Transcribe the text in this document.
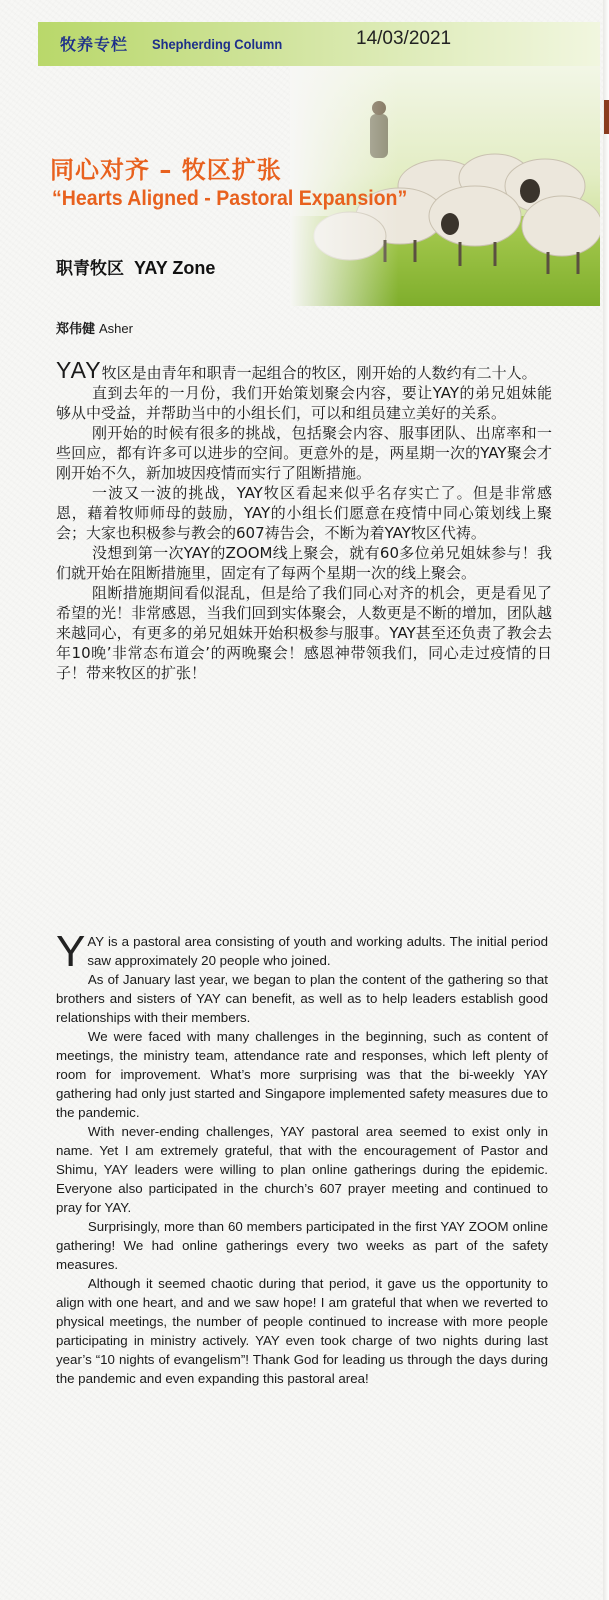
牧养专栏 Shepherding Column	14/03/2021
同心对齐 – 牧区扩张
“Hearts Aligned - Pastoral Expansion”
职青牧区 YAY Zone
郑伟健 Asher

YAY牧区是由青年和职青一起组合的牧区，刚开始的人数约有二十人。

直到去年的一月份，我们开始策划聚会内容，要让YAY的弟兄姐妹能够从中受益，并帮助当中的小组长们，可以和组员建立美好的关系。

刚开始的时候有很多的挑战，包括聚会内容、服事团队、出席率和一些回应，都有许多可以进步的空间。更意外的是，两星期一次的YAY聚会才刚开始不久，新加坡因疫情而实行了阻断措施。

一波又一波的挑战，YAY牧区看起来似乎名存实亡了。但是非常感恩，藉着牧师师母的鼓励，YAY的小组长们愿意在疫情中同心策划线上聚会；大家也积极参与教会的607祷告会，不断为着YAY牧区代祷。

没想到第一次YAY的ZOOM线上聚会，就有60多位弟兄姐妹参与！我们就开始在阻断措施里，固定有了每两个星期一次的线上聚会。

阻断措施期间看似混乱，但是给了我们同心对齐的机会，更是看见了希望的光！非常感恩，当我们回到实体聚会，人数更是不断的增加，团队越来越同心，有更多的弟兄姐妹开始积极参与服事。YAY甚至还负责了教会去年10晚’非常态布道会’的两晚聚会！感恩神带领我们，同心走过疫情的日子！带来牧区的扩张！

YAY is a pastoral area consisting of youth and working adults. The initial period saw approximately 20 people who joined.

As of January last year, we began to plan the content of the gathering so that brothers and sisters of YAY can benefit, as well as to help leaders establish good relationships with their members.

We were faced with many challenges in the beginning, such as content of meetings, the ministry team, attendance rate and responses, which left plenty of room for improvement. What’s more surprising was that the bi-weekly YAY gathering had only just started and Singapore implemented safety measures due to the pandemic.

With never-ending challenges, YAY pastoral area seemed to exist only in name. Yet I am extremely grateful, that with the encouragement of Pastor and Shimu, YAY leaders were willing to plan online gatherings during the epidemic. Everyone also participated in the church’s 607 prayer meeting and continued to pray for YAY.

Surprisingly, more than 60 members participated in the first YAY ZOOM online gathering! We had online gatherings every two weeks as part of the safety measures.

Although it seemed chaotic during that period, it gave us the opportunity to align with one heart, and and we saw hope! I am grateful that when we reverted to physical meetings, the number of people continued to increase with more people participating in ministry actively. YAY even took charge of two nights during last year’s “10 nights of evangelism”! Thank God for leading us through the days during the pandemic and even expanding this pastoral area!
